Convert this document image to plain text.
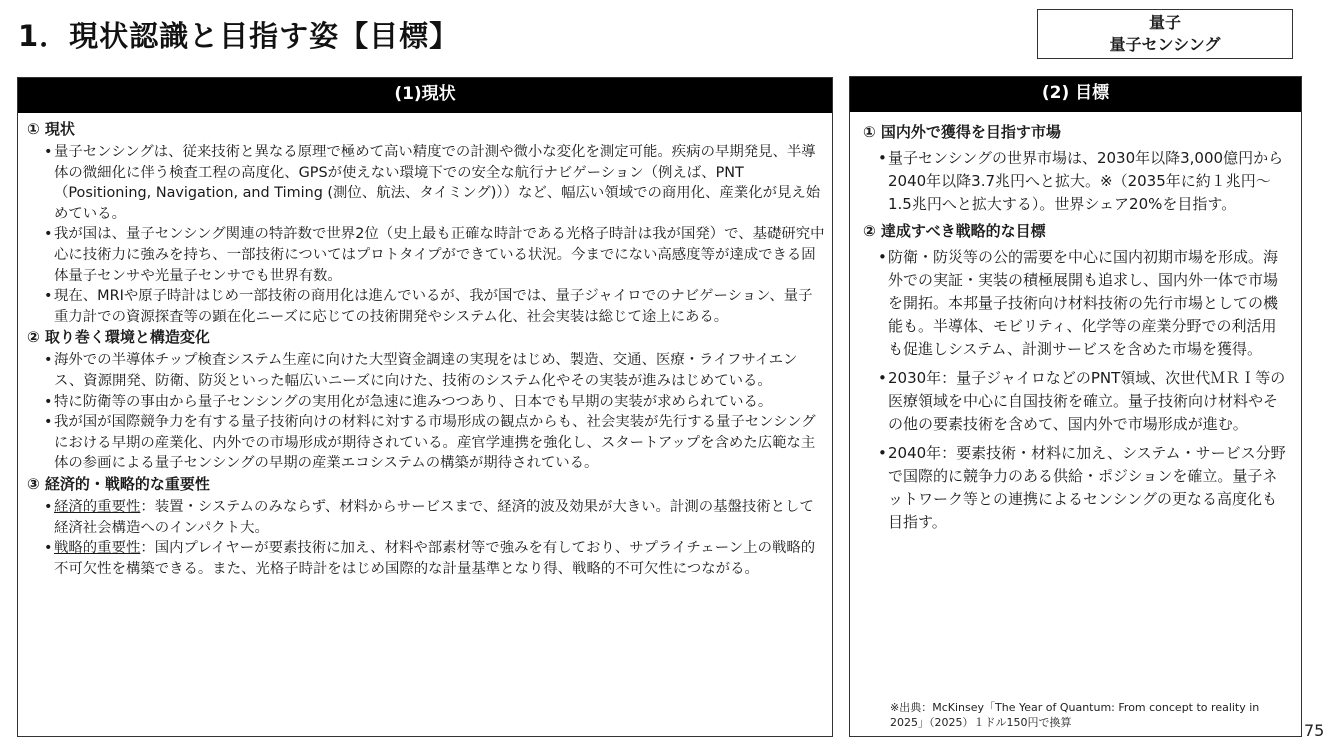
1．現状認識と目指す姿【目標】	量子
量子センシング
(1)現状
① 現状

• 量子センシングは、従来技術と異なる原理で極めて高い精度での計測や微小な変化を測定可能。疾病の早期発見、半導体の微細化に伴う検査工程の高度化、GPSが使えない環境下での安全な航行ナビゲーション（例えば、PNT（Positioning, Navigation, and Timing (測位、航法、タイミング)））など、幅広い領域での商用化、産業化が見え始めている。

• 我が国は、量子センシング関連の特許数で世界2位（史上最も正確な時計である光格子時計は我が国発）で、基礎研究中心に技術力に強みを持ち、一部技術についてはプロトタイプができている状況。今までにない高感度等が達成できる固体量子センサや光量子センサでも世界有数。

• 現在、MRIや原子時計はじめ一部技術の商用化は進んでいるが、我が国では、量子ジャイロでのナビゲーション、量子重力計での資源探査等の顕在化ニーズに応じての技術開発やシステム化、社会実装は総じて途上にある。

② 取り巻く環境と構造変化

• 海外での半導体チップ検査システム生産に向けた大型資金調達の実現をはじめ、製造、交通、医療・ライフサイエンス、資源開発、防衛、防災といった幅広いニーズに向けた、技術のシステム化やその実装が進みはじめている。

• 特に防衛等の事由から量子センシングの実用化が急速に進みつつあり、日本でも早期の実装が求められている。

• 我が国が国際競争力を有する量子技術向けの材料に対する市場形成の観点からも、社会実装が先行する量子センシングにおける早期の産業化、内外での市場形成が期待されている。産官学連携を強化し、スタートアップを含めた広範な主体の参画による量子センシングの早期の産業エコシステムの構築が期待されている。

③ 経済的・戦略的な重要性

• 経済的重要性：装置・システムのみならず、材料からサービスまで、経済的波及効果が大きい。計測の基盤技術として経済社会構造へのインパクト大。

• 戦略的重要性：国内プレイヤーが要素技術に加え、材料や部素材等で強みを有しており、サプライチェーン上の戦略的不可欠性を構築できる。また、光格子時計をはじめ国際的な計量基準となり得、戦略的不可欠性につながる。

(2) 目標
① 国内外で獲得を目指す市場

• 量子センシングの世界市場は、2030年以降3,000億円から2040年以降3.7兆円へと拡大。※（2035年に約１兆円～1.5兆円へと拡大する）。世界シェア20%を目指す。

② 達成すべき戦略的な目標

• 防衛・防災等の公的需要を中心に国内初期市場を形成。海外での実証・実装の積極展開も追求し、国内外一体で市場を開拓。本邦量子技術向け材料技術の先行市場としての機能も。半導体、モビリティ、化学等の産業分野での利活用も促進しシステム、計測サービスを含めた市場を獲得。

• 2030年：量子ジャイロなどのPNT領域、次世代ＭＲＩ等の医療領域を中心に自国技術を確立。量子技術向け材料やその他の要素技術を含めて、国内外で市場形成が進む。

• 2040年：要素技術・材料に加え、システム・サービス分野で国際的に競争力のある供給・ポジションを確立。量子ネットワーク等との連携によるセンシングの更なる高度化も目指す。

※出典：McKinsey「The Year of Quantum: From concept to reality in 2025」（2025）１ドル150円で換算	75
